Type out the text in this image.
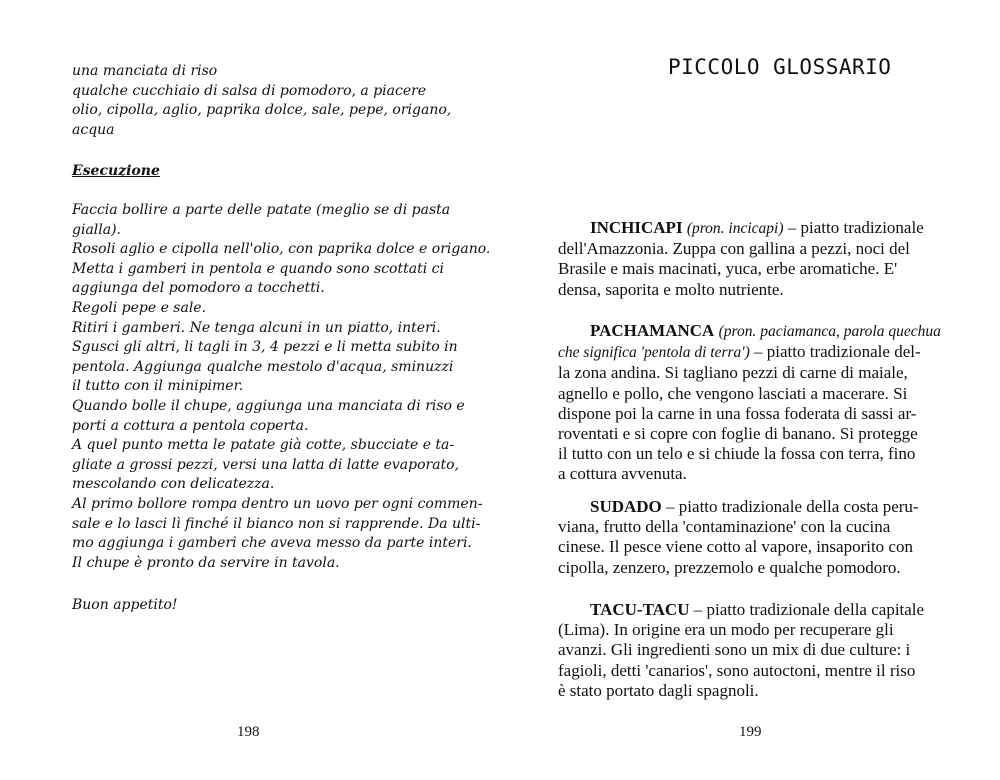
una manciata di riso
qualche cucchiaio di salsa di pomodoro, a piacere
olio, cipolla, aglio, paprika dolce, sale, pepe, origano,
acqua
Esecuzione
Faccia bollire a parte delle patate (meglio se di pasta
gialla).
Rosoli aglio e cipolla nell'olio, con paprika dolce e origano.
Metta i gamberi in pentola e quando sono scottati ci
aggiunga del pomodoro a tocchetti.
Regoli pepe e sale.
Ritiri i gamberi. Ne tenga alcuni in un piatto, interi.
Sgusci gli altri, li tagli in 3, 4 pezzi e li metta subito in
pentola. Aggiunga qualche mestolo d'acqua, sminuzzi
il tutto con il minipimer.
Quando bolle il chupe, aggiunga una manciata di riso e
porti a cottura a pentola coperta.
A quel punto metta le patate già cotte, sbucciate e ta-
gliate a grossi pezzi, versi una latta di latte evaporato,
mescolando con delicatezza.
Al primo bollore rompa dentro un uovo per ogni commen-
sale e lo lasci lì finché il bianco non si rapprende. Da ulti-
mo aggiunga i gamberi che aveva messo da parte interi.
Il chupe è pronto da servire in tavola.
Buon appetito!
198
PICCOLO GLOSSARIO
INCHICAPI (pron. incicapi) – piatto tradizionale
dell'Amazzonia. Zuppa con gallina a pezzi, noci del
Brasile e mais macinati, yuca, erbe aromatiche. E'
densa, saporita e molto nutriente.
PACHAMANCA (pron. paciamanca, parola quechua
che significa 'pentola di terra') – piatto tradizionale del-
la zona andina. Si tagliano pezzi di carne di maiale,
agnello e pollo, che vengono lasciati a macerare. Si
dispone poi la carne in una fossa foderata di sassi ar-
roventati e si copre con foglie di banano. Si protegge
il tutto con un telo e si chiude la fossa con terra, fino
a cottura avvenuta.
SUDADO – piatto tradizionale della costa peru-
viana, frutto della 'contaminazione' con la cucina
cinese. Il pesce viene cotto al vapore, insaporito con
cipolla, zenzero, prezzemolo e qualche pomodoro.
TACU-TACU – piatto tradizionale della capitale
(Lima). In origine era un modo per recuperare gli
avanzi. Gli ingredienti sono un mix di due culture: i
fagioli, detti 'canarios', sono autoctoni, mentre il riso
è stato portato dagli spagnoli.
199
